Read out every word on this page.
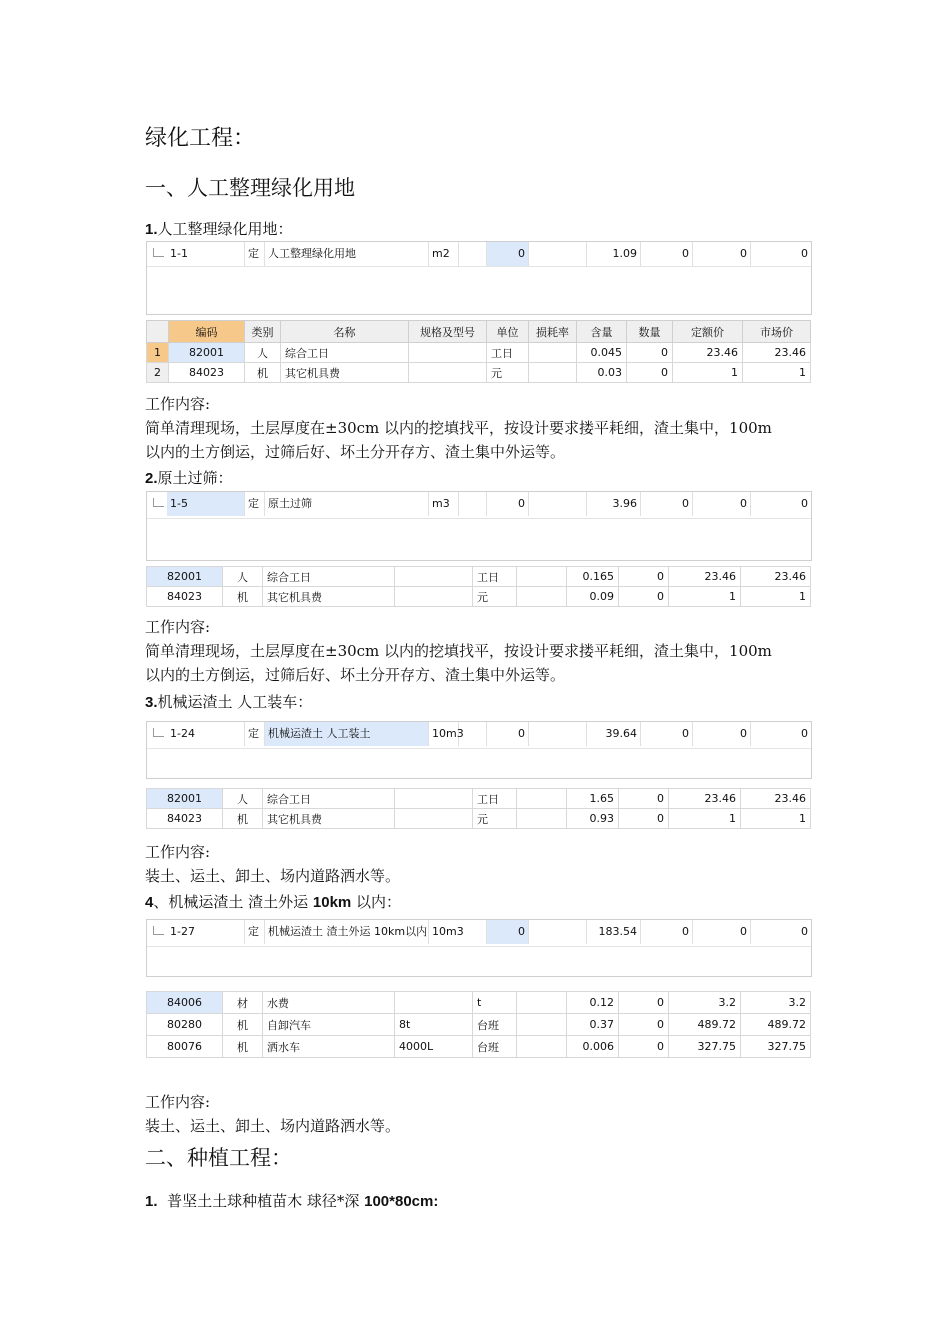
绿化工程：
一、人工整理绿化用地
1.人工整理绿化用地：
1-1	定 人工整理绿化用地	m2	0	1.09	0	0	0
	编码	类别	名称	规格及型号	单位	损耗率	含量	数量	定额价	市场价
1	82001	人	综合工日		工日		0.045	0	23.46	23.46
2	84023	机	其它机具费		元		0.03	0	1	1
工作内容:
简单清理现场，土层厚度在±30cm 以内的挖填找平，按设计要求搂平耗细，渣土集中，100m
以内的土方倒运，过筛后好、坏土分开存方、渣土集中外运等。
2.原土过筛：
1-5	定 原土过筛	m3	0	3.96	0	0	0
82001	人	综合工日		工日		0.165	0	23.46	23.46
84023	机	其它机具费		元		0.09	0	1	1
工作内容:
简单清理现场，土层厚度在±30cm 以内的挖填找平，按设计要求搂平耗细，渣土集中，100m
以内的土方倒运，过筛后好、坏土分开存方、渣土集中外运等。
3.机械运渣土 人工装车：
1-24	定 机械运渣土 人工装土	10m3	0	39.64	0	0	0
82001	人	综合工日		工日		1.65	0	23.46	23.46
84023	机	其它机具费		元		0.93	0	1	1
工作内容:
装土、运土、卸土、场内道路洒水等。
4、机械运渣土 渣土外运 10km 以内：
1-27	定 机械运渣土 渣土外运 10km以内 10m3	0	183.54	0	0	0
84006	材	水费		t		0.12	0	3.2	3.2
80280	机	自卸汽车	8t	台班		0.37	0	489.72	489.72
80076	机	洒水车	4000L	台班		0.006	0	327.75	327.75
工作内容:
装土、运土、卸土、场内道路洒水等。
二、种植工程：
1. 普坚土土球种植苗木 球径*深 100*80cm:
